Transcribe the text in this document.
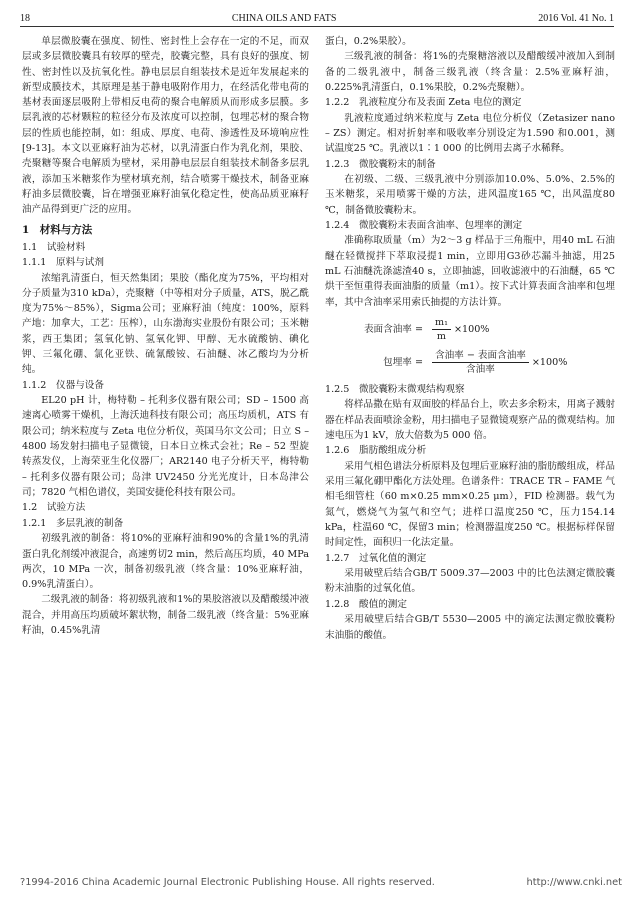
18	CHINA OILS AND FATS	2016 Vol. 41 No. 1

单层微胶囊在强度、韧性、密封性上会存在一定的不足，而双层或多层微胶囊具有较厚的壁壳，胶囊完整，具有良好的强度、韧性、密封性以及抗氧化性。静电层层自组装技术是近年发展起来的新型成膜技术，其原理是基于静电吸附作用力，在经活化带电荷的基材表面逐层吸附上带相反电荷的聚合电解质从而形成多层膜。多层乳液的芯材颗粒的粒径分布及浓度可以控制，包埋芯材的聚合物层的性质也能控制，如：组成、厚度、电荷、渗透性及环境响应性[9-13]。本文以亚麻籽油为芯材，以乳清蛋白作为乳化剂，果胶、壳聚糖等聚合电解质为壁材，采用静电层层自组装技术制备多层乳液，添加玉米糖浆作为壁材填充剂，结合喷雾干燥技术，制备亚麻籽油多层微胶囊，旨在增强亚麻籽油氧化稳定性，使高品质亚麻籽油产品得到更广泛的应用。

1　材料与方法
1.1　试验材料
1.1.1　原料与试剂

浓缩乳清蛋白，恒天然集团；果胶（酯化度为75%，平均相对分子质量为310 kDa），壳聚糖（中等相对分子质量，ATS，脱乙酰度为75%～85%），Sigma公司；亚麻籽油（纯度：100%，原料产地：加拿大，工艺：压榨），山东渤海实业股份有限公司；玉米糖浆，西王集团；氢氧化钠、氢氧化钾、甲醇、无水硫酸钠、碘化钾、三氟化硼、氯化亚铁、硫氰酸铵、石油醚、冰乙酸均为分析纯。

1.1.2　仪器与设备

EL20 pH 计，梅特勒 – 托利多仪器有限公司；SD – 1500 高速离心喷雾干燥机，上海沃迪科技有限公司；高压均质机，ATS 有限公司；纳米粒度与 Zeta 电位分析仪，英国马尔文公司；日立 S – 4800 场发射扫描电子显微镜，日本日立株式会社；Re – 52 型旋转蒸发仪，上海荣亚生化仪器厂；AR2140 电子分析天平，梅特勒 – 托利多仪器有限公司；岛津 UV2450 分光光度计，日本岛津公司；7820 气相色谱仪，美国安捷伦科技有限公司。

1.2　试验方法
1.2.1　多层乳液的制备

初级乳液的制备：将10%的亚麻籽油和90%的含量1%的乳清蛋白乳化剂缓冲液混合，高速剪切2 min，然后高压均质，40 MPa 两次，10 MPa 一次，制备初级乳液（终含量：10%亚麻籽油，0.9%乳清蛋白）。

二级乳液的制备：将初级乳液和1%的果胶溶液以及醋酸缓冲液混合，并用高压均质破坏絮状物，制备二级乳液（终含量：5%亚麻籽油，0.45%乳清

蛋白，0.2%果胶）。

三级乳液的制备：将1%的壳聚糖溶液以及醋酸缓冲液加入到制备的二级乳液中，制备三级乳液（终含量：2.5%亚麻籽油，0.225%乳清蛋白，0.1%果胶，0.2%壳聚糖）。

1.2.2　乳液粒度分布及表面 Zeta 电位的测定

乳液粒度通过纳米粒度与 Zeta 电位分析仪（Zetasizer nano – ZS）测定。相对折射率和吸收率分别设定为1.590 和0.001，测试温度25 ℃。乳液以1∶1 000 的比例用去离子水稀释。

1.2.3　微胶囊粉末的制备

在初级、二级、三级乳液中分别添加10.0%、5.0%、2.5%的玉米糖浆，采用喷雾干燥的方法，进风温度165 ℃，出风温度80 ℃，制备微胶囊粉末。

1.2.4　微胶囊粉末表面含油率、包埋率的测定

准确称取质量（m）为2～3 g 样品于三角瓶中，用40 mL 石油醚在轻微搅拌下萃取浸提1 min，立即用G3砂芯漏斗抽滤，用25 mL 石油醚洗涤滤渣40 s，立即抽滤，回收滤液中的石油醚，65 ℃烘干至恒重得表面油脂的质量（m1）。按下式计算表面含油率和包埋率，其中含油率采用索氏抽提的方法计算。

表面含油率 = $\frac{\text{m₁}}{m} \times 100\%$
包埋率 = $\frac{\text{含油率 − 表面含油率}}{\text{含油率}} \times 100\%$
1.2.5　微胶囊粉末微观结构观察

将样品撒在贴有双面胶的样品台上，吹去多余粉末，用离子溅射器在样品表面喷涂金粉，用扫描电子显微镜观察产品的微观结构。加速电压为1 kV，放大倍数为5 000 倍。

1.2.6　脂肪酸组成分析

采用气相色谱法分析原料及包埋后亚麻籽油的脂肪酸组成，样品采用三氟化硼甲酯化方法处理。色谱条件：TRACE TR – FAME 气相毛细管柱（60 m×0.25 mm×0.25 μm），FID 检测器。载气为氮气，燃烧气为氢气和空气；进样口温度250 ℃，压力154.14 kPa，柱温60 ℃，保留3 min；检测器温度250 ℃。根据标样保留时间定性，面积归一化法定量。

1.2.7　过氧化值的测定

采用破壁后结合GB/T 5009.37—2003 中的比色法测定微胶囊粉末油脂的过氧化值。

1.2.8　酸值的测定

采用破壁后结合GB/T 5530—2005 中的滴定法测定微胶囊粉末油脂的酸值。

?1994-2016 China Academic Journal Electronic Publishing House. All rights reserved.	http://www.cnki.net
